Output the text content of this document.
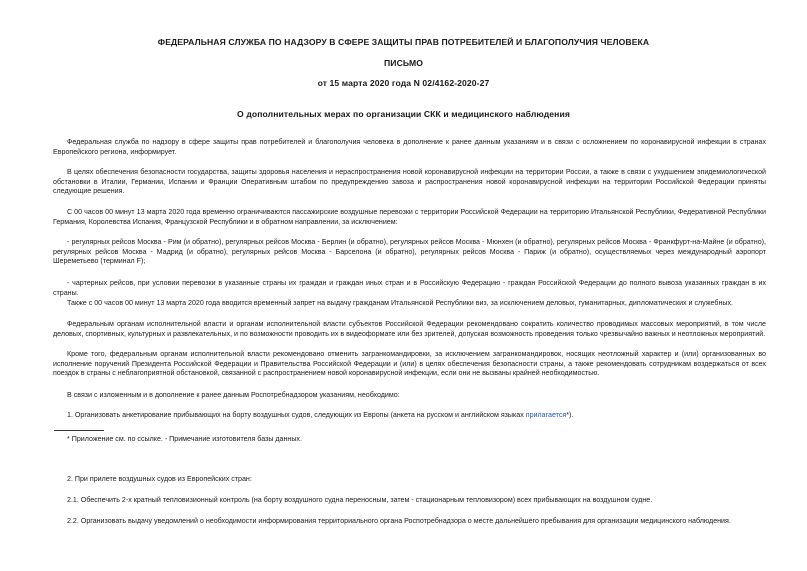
ФЕДЕРАЛЬНАЯ СЛУЖБА ПО НАДЗОРУ В СФЕРЕ ЗАЩИТЫ ПРАВ ПОТРЕБИТЕЛЕЙ И БЛАГОПОЛУЧИЯ ЧЕЛОВЕКА
ПИСЬМО
от 15 марта 2020 года N 02/4162-2020-27
О дополнительных мерах по организации СКК и медицинского наблюдения
Федеральная служба по надзору в сфере защиты прав потребителей и благополучия человека в дополнение к ранее данным указаниям и в связи с осложнением по коронавирусной инфекции в странах Европейского региона, информирует.
В целях обеспечения безопасности государства, защиты здоровья населения и нераспространения новой коронавирусной инфекции на территории России, а также в связи с ухудшением эпидемиологической обстановки в Италии, Германии, Испании и Франции Оперативным штабом по предупреждению завоза и распространения новой коронавирусной инфекции на территории Российской Федерации приняты следующие решения.
С 00 часов 00 минут 13 марта 2020 года временно ограничиваются пассажирские воздушные перевозки с территории Российской Федерации на территорию Итальянской Республики, Федеративной Республики Германия, Королевства Испания, Французской Республики и в обратном направлении, за исключением:
- регулярных рейсов Москва - Рим (и обратно), регулярных рейсов Москва - Берлин (и обратно), регулярных рейсов Москва - Мюнхен (и обратно), регулярных рейсов Москва - Франкфурт-на-Майне (и обратно), регулярных рейсов Москва - Мадрид (и обратно), регулярных рейсов Москва - Барселона (и обратно), регулярных рейсов Москва - Париж (и обратно), осуществляемых через международный аэропорт Шереметьево (терминал F);
- чартерных рейсов, при условии перевозки в указанные страны их граждан и граждан иных стран и в Российскую Федерацию - граждан Российской Федерации до полного вывоза указанных граждан в их страны.
Также с 00 часов 00 минут 13 марта 2020 года вводится временный запрет на выдачу гражданам Итальянской Республики виз, за исключением деловых, гуманитарных, дипломатических и служебных.
Федеральным органам исполнительной власти и органам исполнительной власти субъектов Российской Федерации рекомендовано сократить количество проводимых массовых мероприятий, в том числе деловых, спортивных, культурных и развлекательных, и по возможности проводить их в видеоформате или без зрителей, допуская возможность проведения только чрезвычайно важных и неотложных мероприятий.
Кроме того, федеральным органам исполнительной власти рекомендовано отменить загранкомандировки, за исключением загранкомандировок, носящих неотложный характер и (или) организованных во исполнение поручений Президента Российской Федерации и Правительства Российской Федерации и (или) в целях обеспечения безопасности страны, а также рекомендовать сотрудникам воздержаться от всех поездок в страны с неблагоприятной обстановкой, связанной с распространением новой коронавирусной инфекции, если они не вызваны крайней необходимостью.
В связи с изложенным и в дополнение к ранее данным Роспотребнадзором указаниям, необходимо:
1. Организовать анкетирование прибывающих на борту воздушных судов, следующих из Европы (анкета на русском и английском языках прилагается*).
* Приложение см. по ссылке. - Примечание изготовителя базы данных.
2. При прилете воздушных судов из Европейских стран:
2.1. Обеспечить 2-х кратный тепловизионный контроль (на борту воздушного судна переносным, затем - стационарным тепловизором) всех прибывающих на воздушном судне.
2.2. Организовать выдачу уведомлений о необходимости информирования территориального органа Роспотребнадзора о месте дальнейшего пребывания для организации медицинского наблюдения.
